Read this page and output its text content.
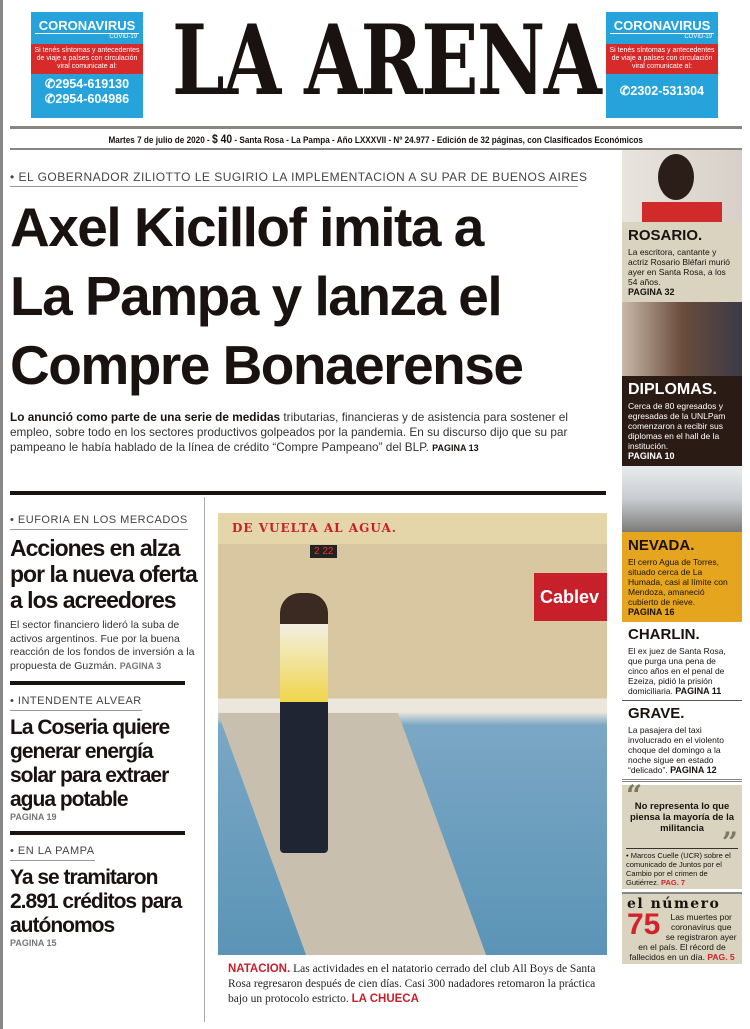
CORONAVIRUS
COVID-19
Si tenés síntomas y antecedentes de viaje a países con circulación viral comunicate al:
✆2954-619130
✆2954-604986 LA ARENA CORONAVIRUS
COVID-19
Si tenés síntomas y antecedentes de viaje a países con circulación viral comunicate al:
✆2302-531304
Martes 7 de julio de 2020 - $ 40 - Santa Rosa - La Pampa - Año LXXXVII - Nº 24.977 - Edición de 32 páginas, con Clasificados Económicos
• EL GOBERNADOR ZILIOTTO LE SUGIRIO LA IMPLEMENTACION A SU PAR DE BUENOS AIRES
Axel Kicillof imita a
La Pampa y lanza el
Compre Bonaerense
Lo anunció como parte de una serie de medidas tributarias, financieras y de asistencia para sostener el empleo, sobre todo en los sectores productivos golpeados por la pandemia. En su discurso dijo que su par pampeano le había hablado de la línea de crédito “Compre Pampeano” del BLP. PAGINA 13
• EUFORIA EN LOS MERCADOS
Acciones en alza por la nueva oferta a los acreedores
El sector financiero lideró la suba de activos argentinos. Fue por la buena reacción de los fondos de inversión a la propuesta de Guzmán. PAGINA 3
• INTENDENTE ALVEAR
La Coseria quiere generar energía solar para extraer agua potable
PAGINA 19
• EN LA PAMPA
Ya se tramitaron 2.891 créditos para autónomos
PAGINA 15
DE VUELTA AL AGUA.
2 22
Cablev
NATACION. Las actividades en el natatorio cerrado del club All Boys de Santa Rosa regresaron después de cien días. Casi 300 nadadores retomaron la práctica bajo un protocolo estricto. LA CHUECA
ROSARIO.

La escritora, cantante y actriz Rosario Bléfari murió ayer en Santa Rosa, a los 54 años.

PAGINA 32
DIPLOMAS.

Cerca de 80 egresados y egresadas de la UNLPam comenzaron a recibir sus diplomas en el hall de la institución.

PAGINA 10
NEVADA.

El cerro Agua de Torres, situado cerca de La Humada, casi al límite con Mendoza, amaneció cubierto de nieve.

PAGINA 16
CHARLIN.

El ex juez de Santa Rosa, que purga una pena de cinco años en el penal de Ezeiza, pidió la prisión domiciliaria. PAGINA 11

GRAVE.

La pasajera del taxi involucrado en el violento choque del domingo a la noche sigue en estado “delicado”. PAGINA 12

“
No representa lo que piensa la mayoría de la militancia ”
• Marcos Cuelle (UCR) sobre el comunicado de Juntos por el Cambio por el crimen de Gutiérrez. PAG. 7
el número
75	Las muertes por coronavirus que se registraron ayer en el país. El récord de fallecidos en un día. PAG. 5
